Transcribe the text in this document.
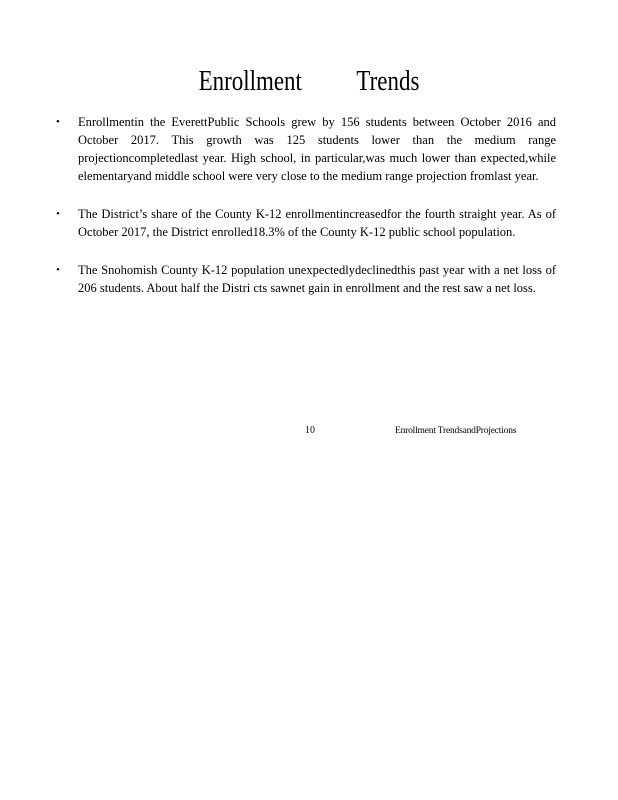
Enrollment Trends
• Enrollmentin the EverettPublic Schools grew by 156 students between October 2016 and October 2017. This growth was 125 students lower than the medium range projectioncompletedlast year. High school, in particular,was much lower than expected,while elementaryand middle school were very close to the medium range projection fromlast year.
• The District’s share of the County K-12 enrollmentincreasedfor the fourth straight year. As of October 2017, the District enrolled18.3% of the County K-12 public school population.
• The Snohomish County K-12 population unexpectedlydeclinedthis past year with a net loss of 206 students. About half the Distri cts sawnet gain in enrollment and the rest saw a net loss.
10	Enrollment TrendsandProjections
